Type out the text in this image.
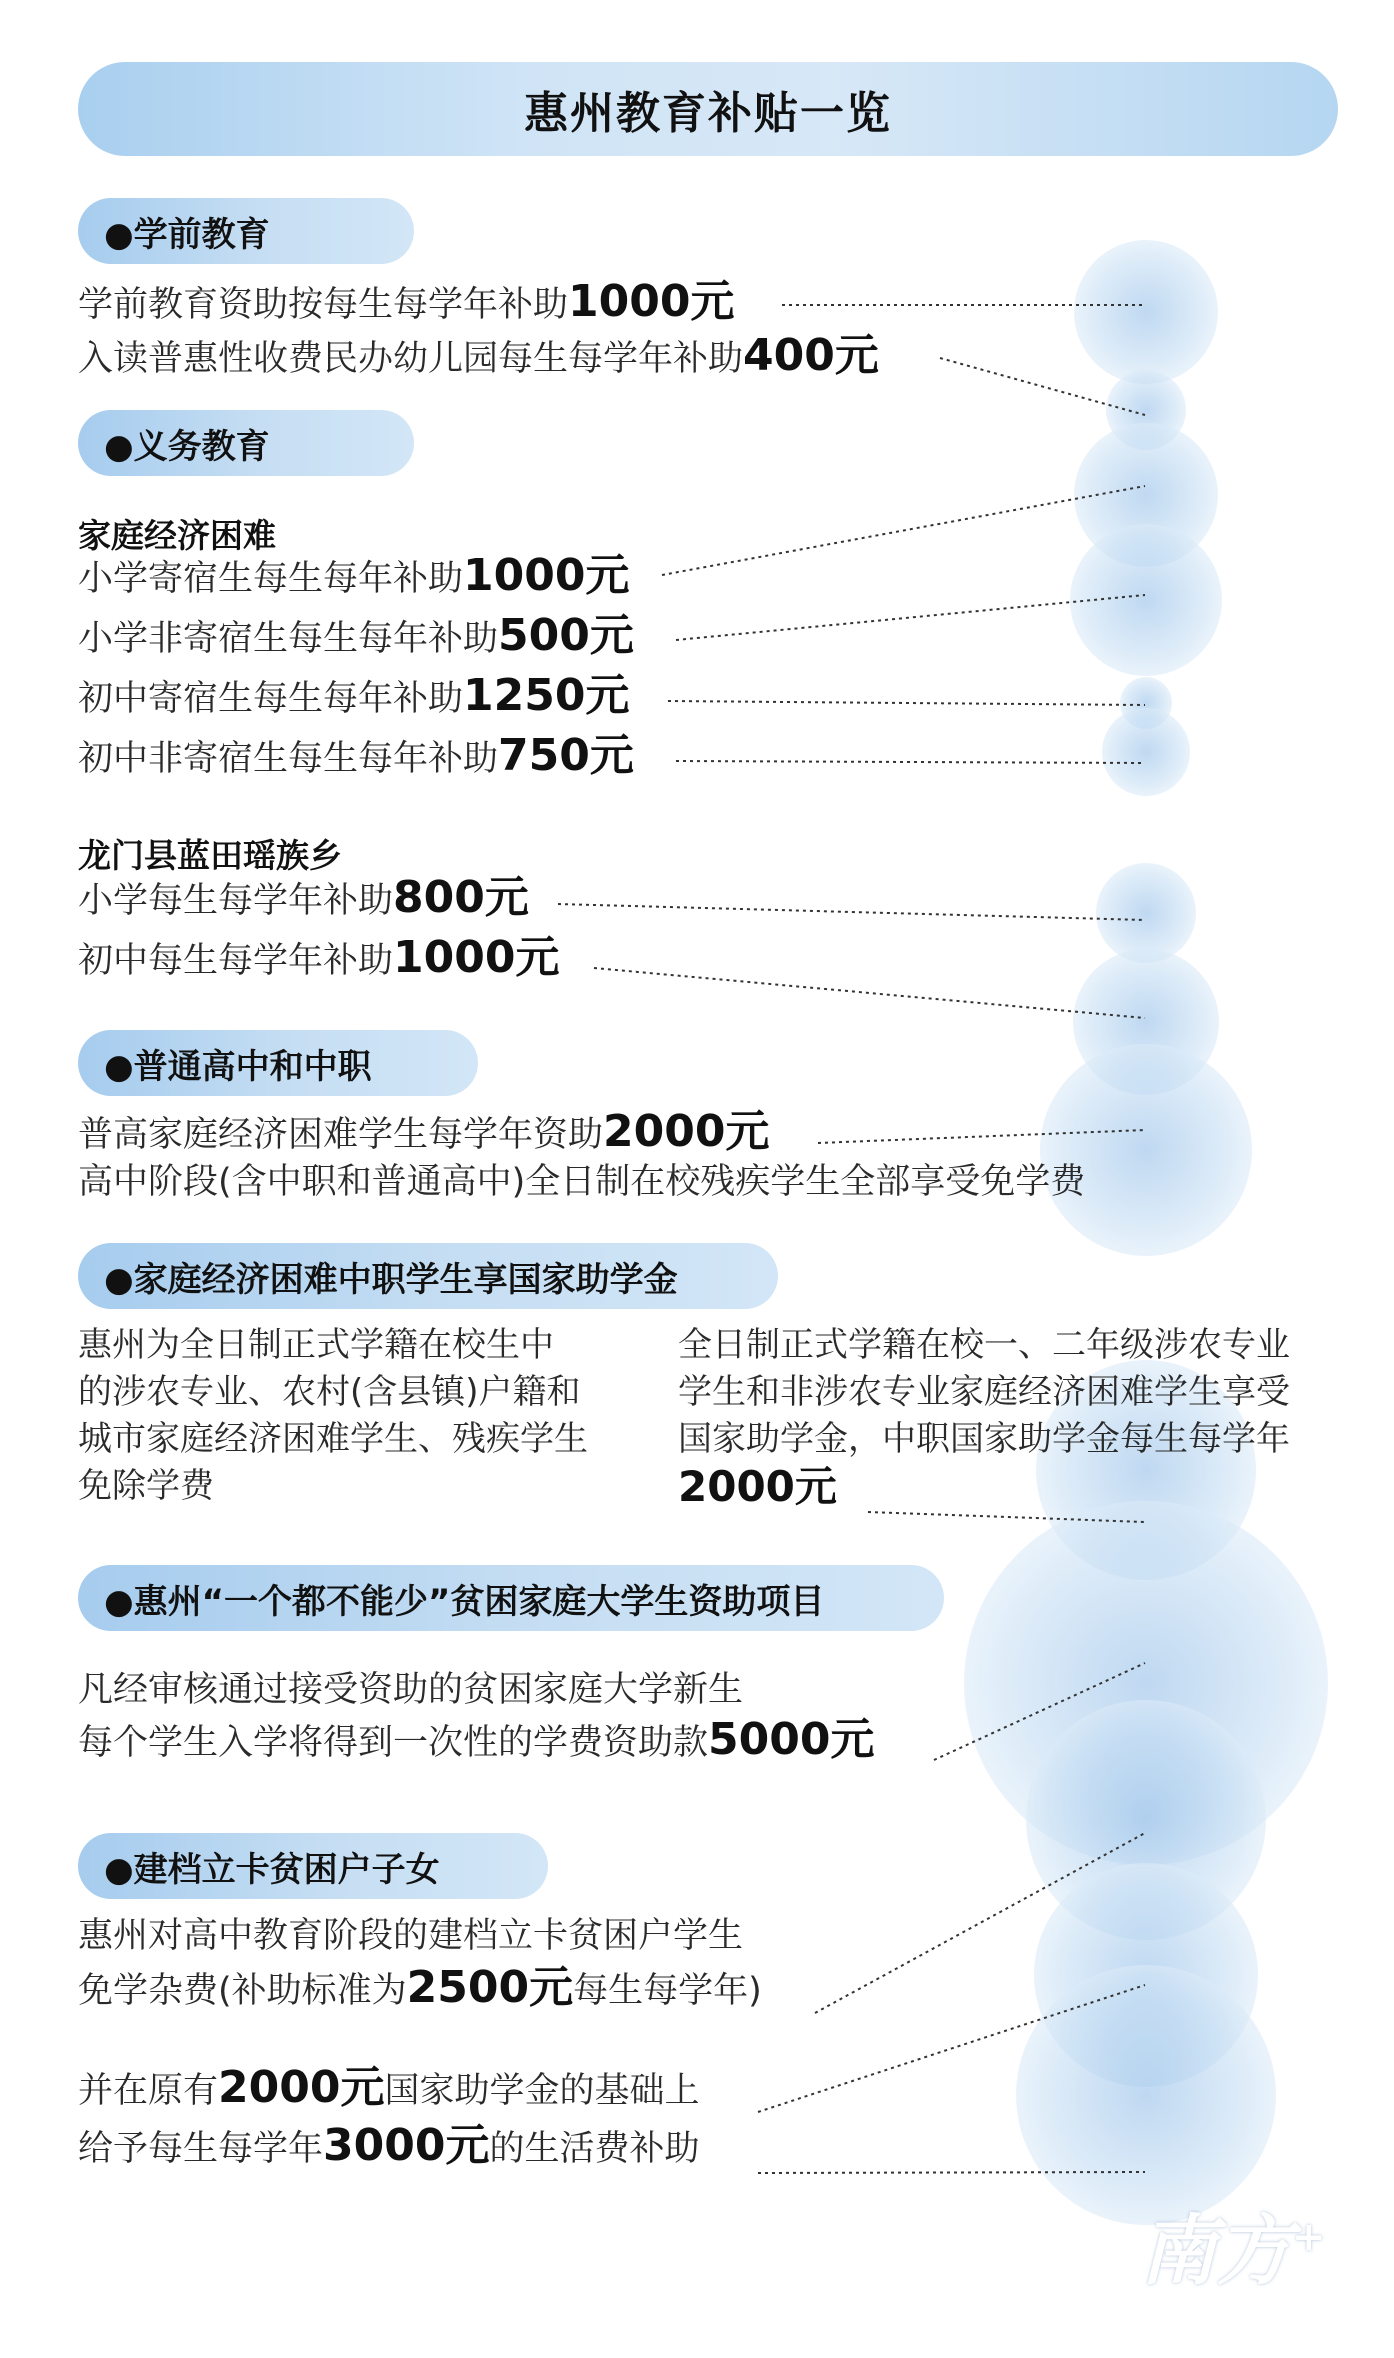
惠州教育补贴一览
●学前教育
学前教育资助按每生每学年补助1000元
入读普惠性收费民办幼儿园每生每学年补助400元
●义务教育
家庭经济困难
小学寄宿生每生每年补助1000元
小学非寄宿生每生每年补助500元
初中寄宿生每生每年补助1250元
初中非寄宿生每生每年补助750元
龙门县蓝田瑶族乡
小学每生每学年补助800元
初中每生每学年补助1000元
●普通高中和中职
普高家庭经济困难学生每学年资助2000元
高中阶段(含中职和普通高中)全日制在校残疾学生全部享受免学费
●家庭经济困难中职学生享国家助学金
惠州为全日制正式学籍在校生中
的涉农专业、农村(含县镇)户籍和
城市家庭经济困难学生、残疾学生
免除学费
全日制正式学籍在校一、二年级涉农专业
学生和非涉农专业家庭经济困难学生享受
国家助学金，中职国家助学金每生每学年
2000元
●惠州“一个都不能少”贫困家庭大学生资助项目
凡经审核通过接受资助的贫困家庭大学新生
每个学生入学将得到一次性的学费资助款5000元
●建档立卡贫困户子女
惠州对高中教育阶段的建档立卡贫困户学生
免学杂费(补助标准为2500元每生每学年)
并在原有2000元国家助学金的基础上
给予每生每学年3000元的生活费补助
南方+
